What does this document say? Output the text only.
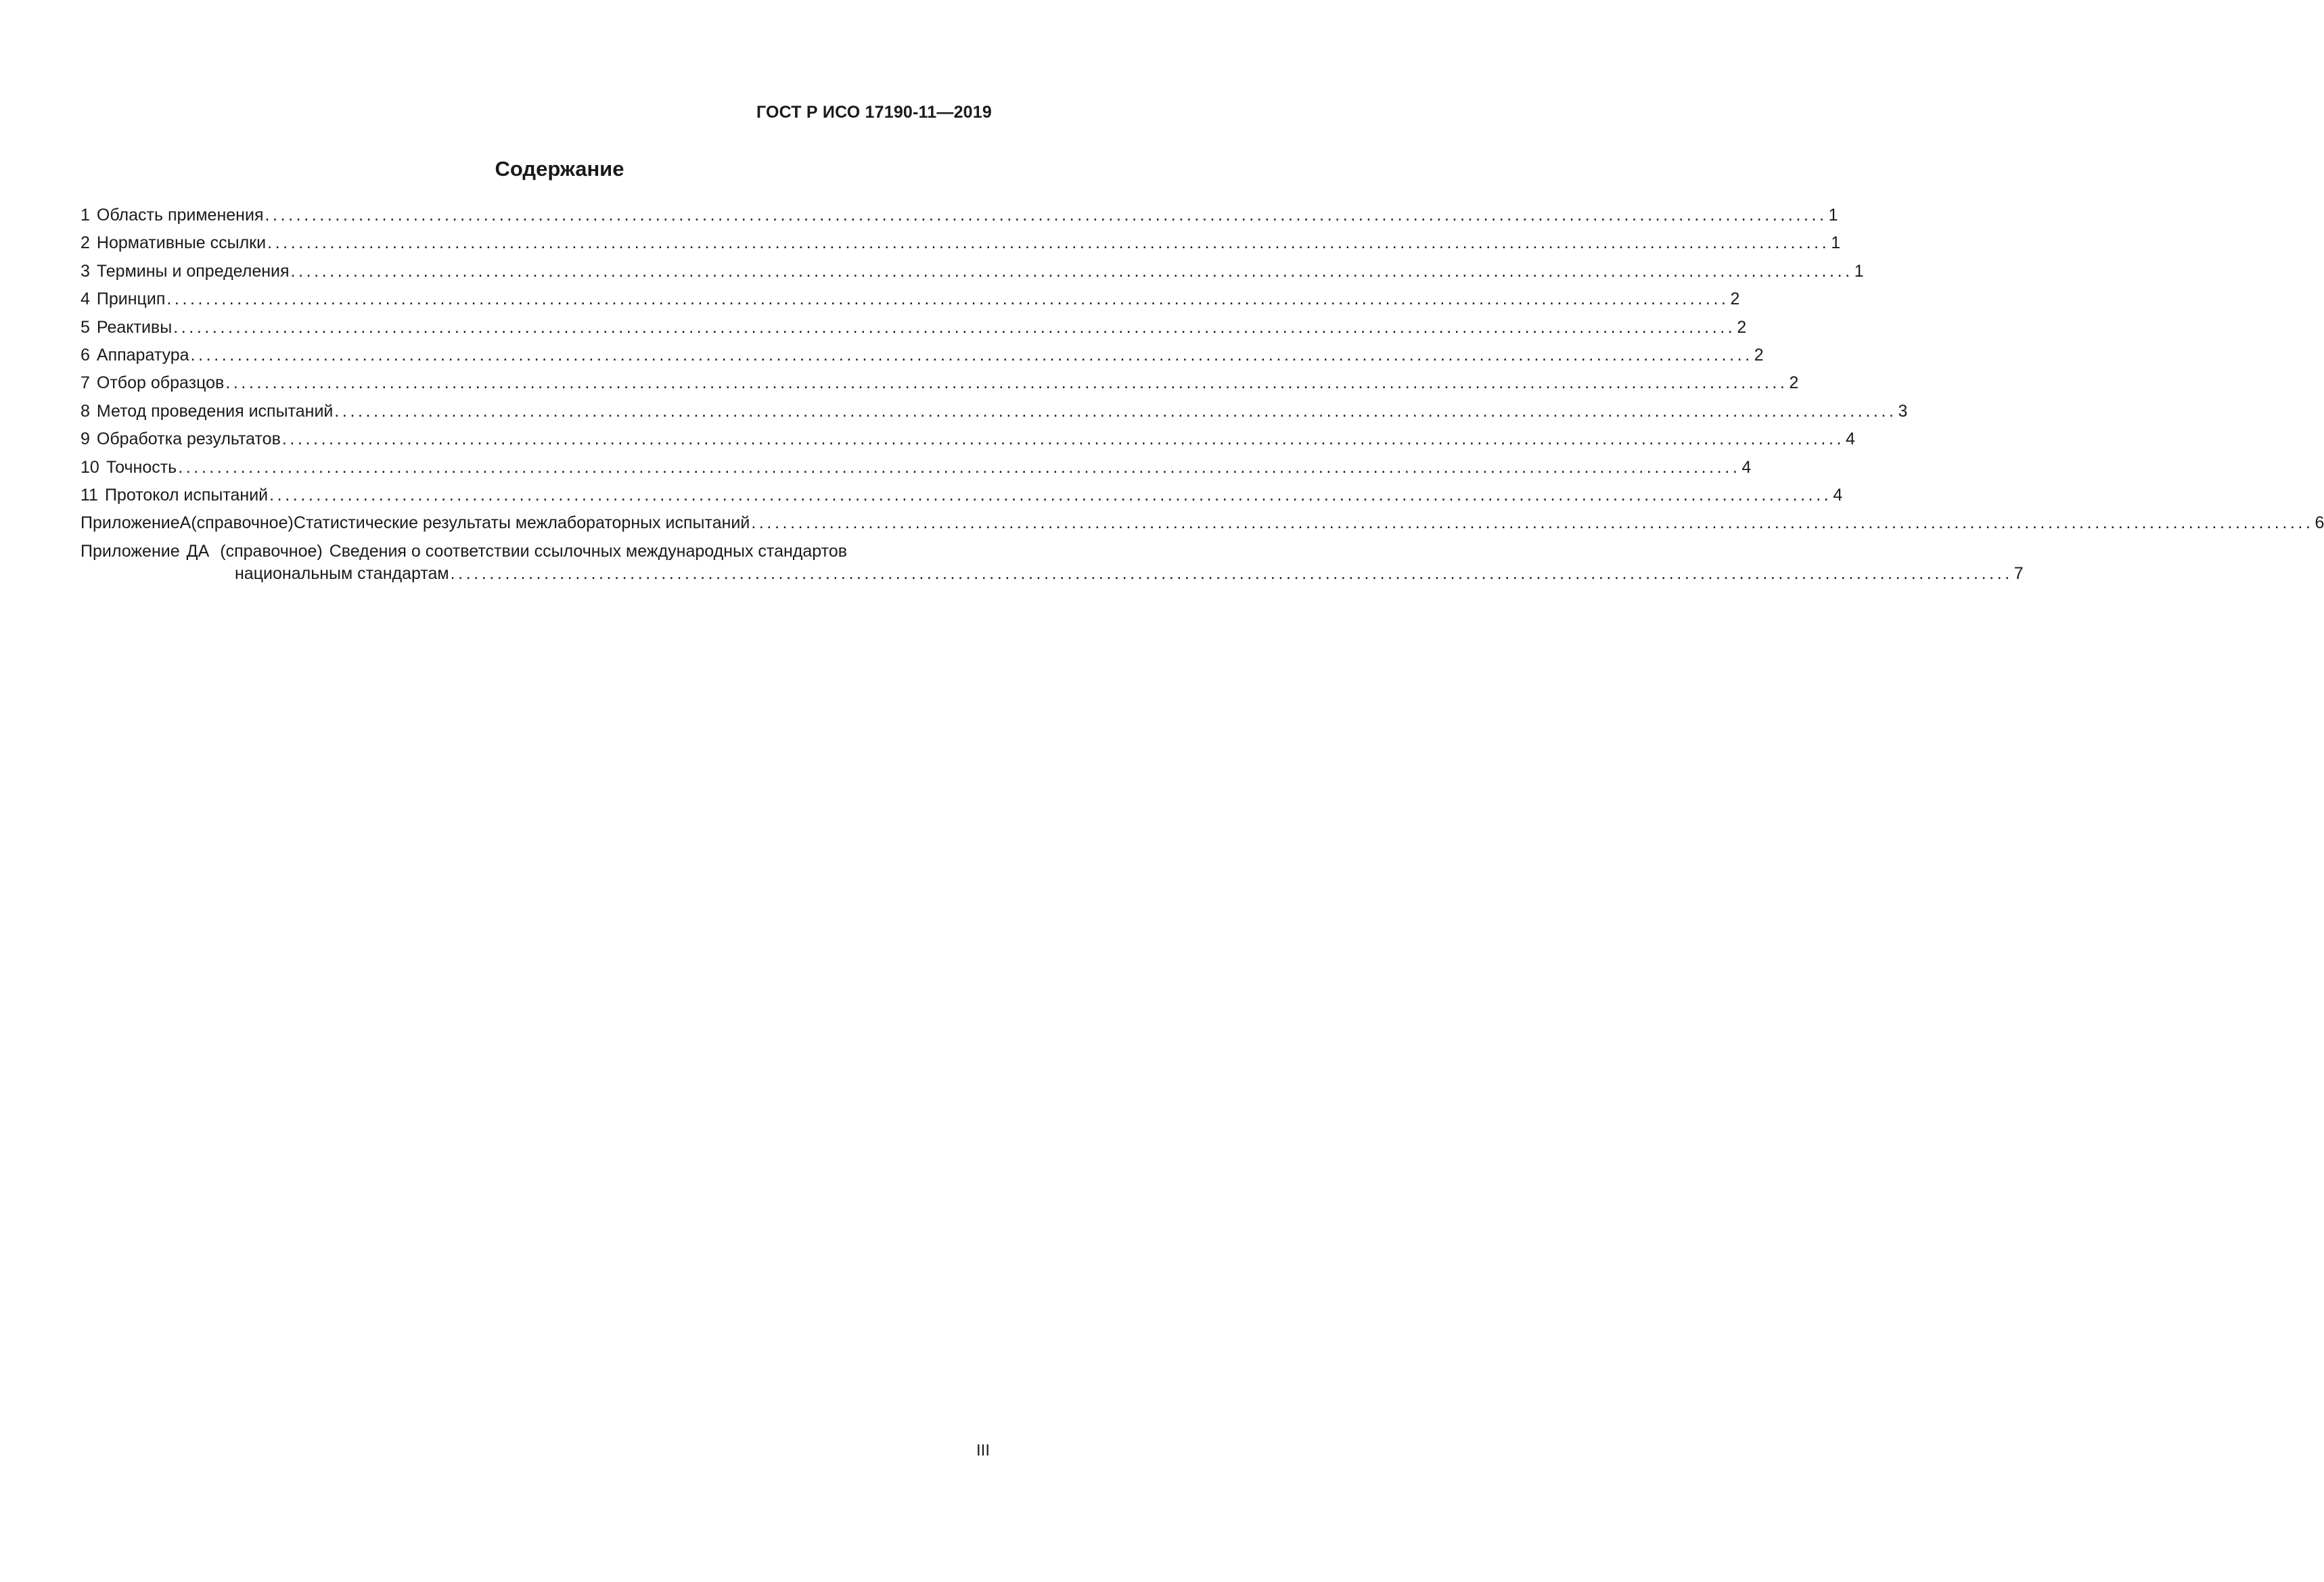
ГОСТ Р ИСО 17190-11—2019
Содержание
1 Область применения ........................................................................................................................................................................................................ 1
2 Нормативные ссылки ........................................................................................................................................................................................................ 1
3 Термины и определения ........................................................................................................................................................................................................ 1
4 Принцип ........................................................................................................................................................................................................ 2
5 Реактивы ........................................................................................................................................................................................................ 2
6 Аппаратура ........................................................................................................................................................................................................ 2
7 Отбор образцов ........................................................................................................................................................................................................ 2
8 Метод проведения испытаний ........................................................................................................................................................................................................ 3
9 Обработка результатов ........................................................................................................................................................................................................ 4
10 Точность ........................................................................................................................................................................................................ 4
11 Протокол испытаний ........................................................................................................................................................................................................ 4
Приложение А (справочное) Статистические результаты межлабораторных испытаний ........................................................................................................................................................................................................ 6
Приложение ДА (справочное) Сведения о соответствии ссылочных международных стандартов
национальным стандартам ........................................................................................................................................................................................................ 7
III
